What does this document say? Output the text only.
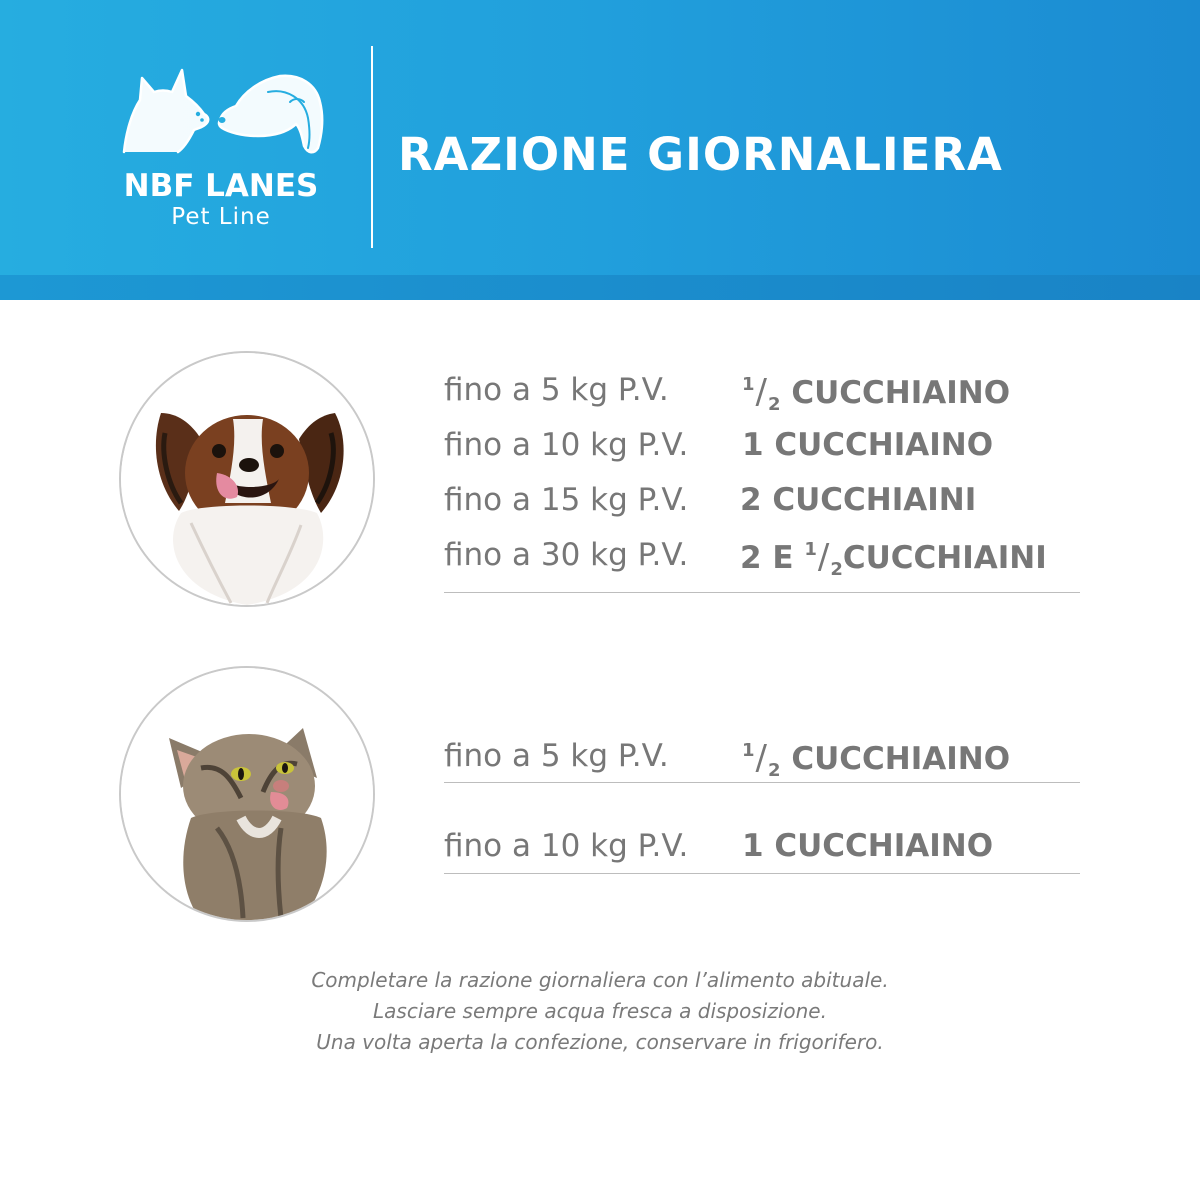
NBF LANES
Pet Line
RAZIONE GIORNALIERA
fino a 5 kg P.V.	$^1/_2$ CUCCHIAINO
fino a 10 kg P.V. 1 CUCCHIAINO
fino a 15 kg P.V. 2 CUCCHIAINI
fino a 30 kg P.V. 2 E $^1/_2CUCCHIAINI$
fino a 5 kg P.V.	$^1/_2$ CUCCHIAINO
fino a 10 kg P.V. 1 CUCCHIAINO
Completare la razione giornaliera con l’alimento abituale.
Lasciare sempre acqua fresca a disposizione.
Una volta aperta la confezione, conservare in frigorifero.
